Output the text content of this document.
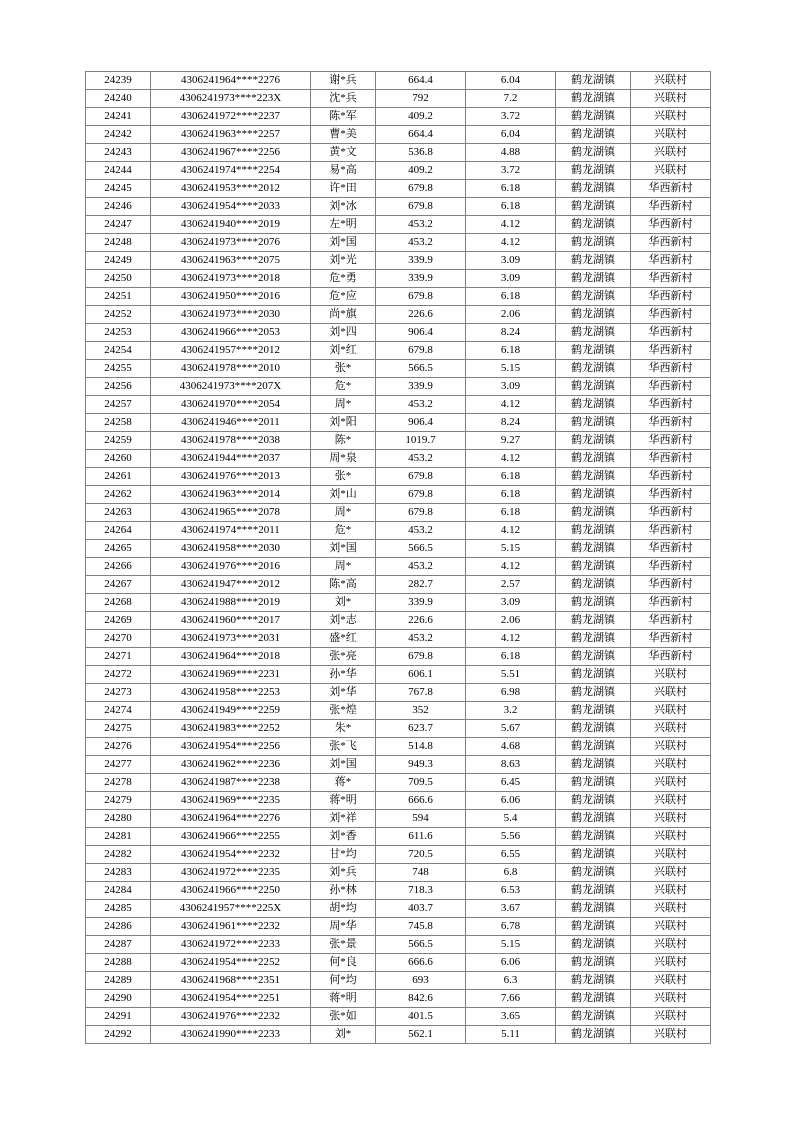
24239	4306241964****2276	谢*兵	664.4	6.04	鹤龙湖镇	兴联村
24240	4306241973****223X	沈*兵	792	7.2	鹤龙湖镇	兴联村
24241	4306241972****2237	陈*军	409.2	3.72	鹤龙湖镇	兴联村
24242	4306241963****2257	曹*美	664.4	6.04	鹤龙湖镇	兴联村
24243	4306241967****2256	黄*文	536.8	4.88	鹤龙湖镇	兴联村
24244	4306241974****2254	易*高	409.2	3.72	鹤龙湖镇	兴联村
24245	4306241953****2012	许*田	679.8	6.18	鹤龙湖镇	华西新村
24246	4306241954****2033	刘*冰	679.8	6.18	鹤龙湖镇	华西新村
24247	4306241940****2019	左*明	453.2	4.12	鹤龙湖镇	华西新村
24248	4306241973****2076	刘*国	453.2	4.12	鹤龙湖镇	华西新村
24249	4306241963****2075	刘*光	339.9	3.09	鹤龙湖镇	华西新村
24250	4306241973****2018	危*勇	339.9	3.09	鹤龙湖镇	华西新村
24251	4306241950****2016	危*应	679.8	6.18	鹤龙湖镇	华西新村
24252	4306241973****2030	尚*旗	226.6	2.06	鹤龙湖镇	华西新村
24253	4306241966****2053	刘*四	906.4	8.24	鹤龙湖镇	华西新村
24254	4306241957****2012	刘*红	679.8	6.18	鹤龙湖镇	华西新村
24255	4306241978****2010	张*	566.5	5.15	鹤龙湖镇	华西新村
24256	4306241973****207X	危*	339.9	3.09	鹤龙湖镇	华西新村
24257	4306241970****2054	周*	453.2	4.12	鹤龙湖镇	华西新村
24258	4306241946****2011	刘*阳	906.4	8.24	鹤龙湖镇	华西新村
24259	4306241978****2038	陈*	1019.7	9.27	鹤龙湖镇	华西新村
24260	4306241944****2037	周*泉	453.2	4.12	鹤龙湖镇	华西新村
24261	4306241976****2013	张*	679.8	6.18	鹤龙湖镇	华西新村
24262	4306241963****2014	刘*山	679.8	6.18	鹤龙湖镇	华西新村
24263	4306241965****2078	周*	679.8	6.18	鹤龙湖镇	华西新村
24264	4306241974****2011	危*	453.2	4.12	鹤龙湖镇	华西新村
24265	4306241958****2030	刘*国	566.5	5.15	鹤龙湖镇	华西新村
24266	4306241976****2016	周*	453.2	4.12	鹤龙湖镇	华西新村
24267	4306241947****2012	陈*高	282.7	2.57	鹤龙湖镇	华西新村
24268	4306241988****2019	刘*	339.9	3.09	鹤龙湖镇	华西新村
24269	4306241960****2017	刘*志	226.6	2.06	鹤龙湖镇	华西新村
24270	4306241973****2031	盛*红	453.2	4.12	鹤龙湖镇	华西新村
24271	4306241964****2018	张*亮	679.8	6.18	鹤龙湖镇	华西新村
24272	4306241969****2231	孙*华	606.1	5.51	鹤龙湖镇	兴联村
24273	4306241958****2253	刘*华	767.8	6.98	鹤龙湖镇	兴联村
24274	4306241949****2259	张*煌	352	3.2	鹤龙湖镇	兴联村
24275	4306241983****2252	朱*	623.7	5.67	鹤龙湖镇	兴联村
24276	4306241954****2256	张*飞	514.8	4.68	鹤龙湖镇	兴联村
24277	4306241962****2236	刘*国	949.3	8.63	鹤龙湖镇	兴联村
24278	4306241987****2238	蒋*	709.5	6.45	鹤龙湖镇	兴联村
24279	4306241969****2235	蒋*明	666.6	6.06	鹤龙湖镇	兴联村
24280	4306241964****2276	刘*祥	594	5.4	鹤龙湖镇	兴联村
24281	4306241966****2255	刘*香	611.6	5.56	鹤龙湖镇	兴联村
24282	4306241954****2232	甘*均	720.5	6.55	鹤龙湖镇	兴联村
24283	4306241972****2235	刘*兵	748	6.8	鹤龙湖镇	兴联村
24284	4306241966****2250	孙*林	718.3	6.53	鹤龙湖镇	兴联村
24285	4306241957****225X	胡*均	403.7	3.67	鹤龙湖镇	兴联村
24286	4306241961****2232	周*华	745.8	6.78	鹤龙湖镇	兴联村
24287	4306241972****2233	张*景	566.5	5.15	鹤龙湖镇	兴联村
24288	4306241954****2252	何*良	666.6	6.06	鹤龙湖镇	兴联村
24289	4306241968****2351	何*均	693	6.3	鹤龙湖镇	兴联村
24290	4306241954****2251	蒋*明	842.6	7.66	鹤龙湖镇	兴联村
24291	4306241976****2232	张*如	401.5	3.65	鹤龙湖镇	兴联村
24292	4306241990****2233	刘*	562.1	5.11	鹤龙湖镇	兴联村
